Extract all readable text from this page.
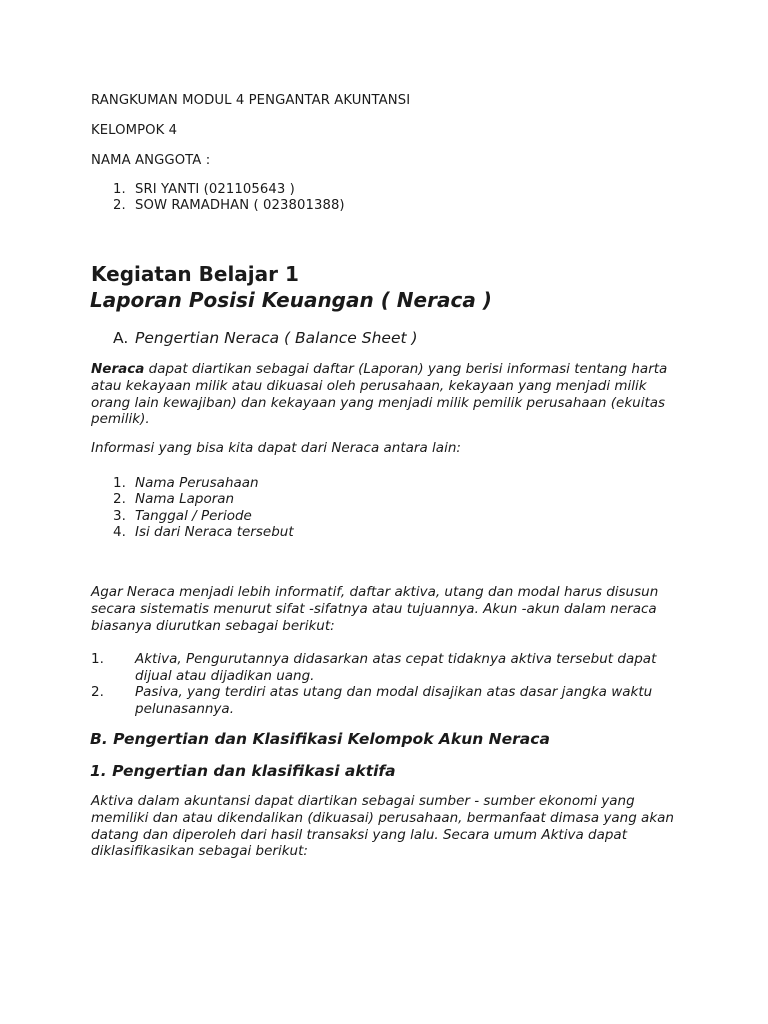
RANGKUMAN MODUL 4 PENGANTAR AKUNTANSI
KELOMPOK 4
NAMA ANGGOTA :
1. SRI YANTI (021105643 )
2. SOW RAMADHAN ( 023801388)
Kegiatan Belajar 1
Laporan Posisi Keuangan ( Neraca )
A. Pengertian Neraca ( Balance Sheet )
Neraca dapat diartikan sebagai daftar (Laporan) yang berisi informasi tentang harta atau kekayaan milik atau dikuasai oleh perusahaan, kekayaan yang menjadi milik orang lain kewajiban) dan kekayaan yang menjadi milik pemilik perusahaan (ekuitas pemilik).
Informasi yang bisa kita dapat dari Neraca antara lain:
1. Nama Perusahaan
2. Nama Laporan
3. Tanggal / Periode
4. Isi dari Neraca tersebut
Agar Neraca menjadi lebih informatif, daftar aktiva, utang dan modal harus disusun secara sistematis menurut sifat -sifatnya atau tujuannya. Akun -akun dalam neraca biasanya diurutkan sebagai berikut:
1. Aktiva, Pengurutannya didasarkan atas cepat tidaknya aktiva tersebut dapat dijual atau dijadikan uang.
2. Pasiva, yang terdiri atas utang dan modal disajikan atas dasar jangka waktu pelunasannya.
B. Pengertian dan Klasifikasi Kelompok Akun Neraca
1. Pengertian dan klasifikasi aktifa
Aktiva dalam akuntansi dapat diartikan sebagai sumber - sumber ekonomi yang memiliki dan atau dikendalikan (dikuasai) perusahaan, bermanfaat dimasa yang akan datang dan diperoleh dari hasil transaksi yang lalu. Secara umum Aktiva dapat diklasifikasikan sebagai berikut:
